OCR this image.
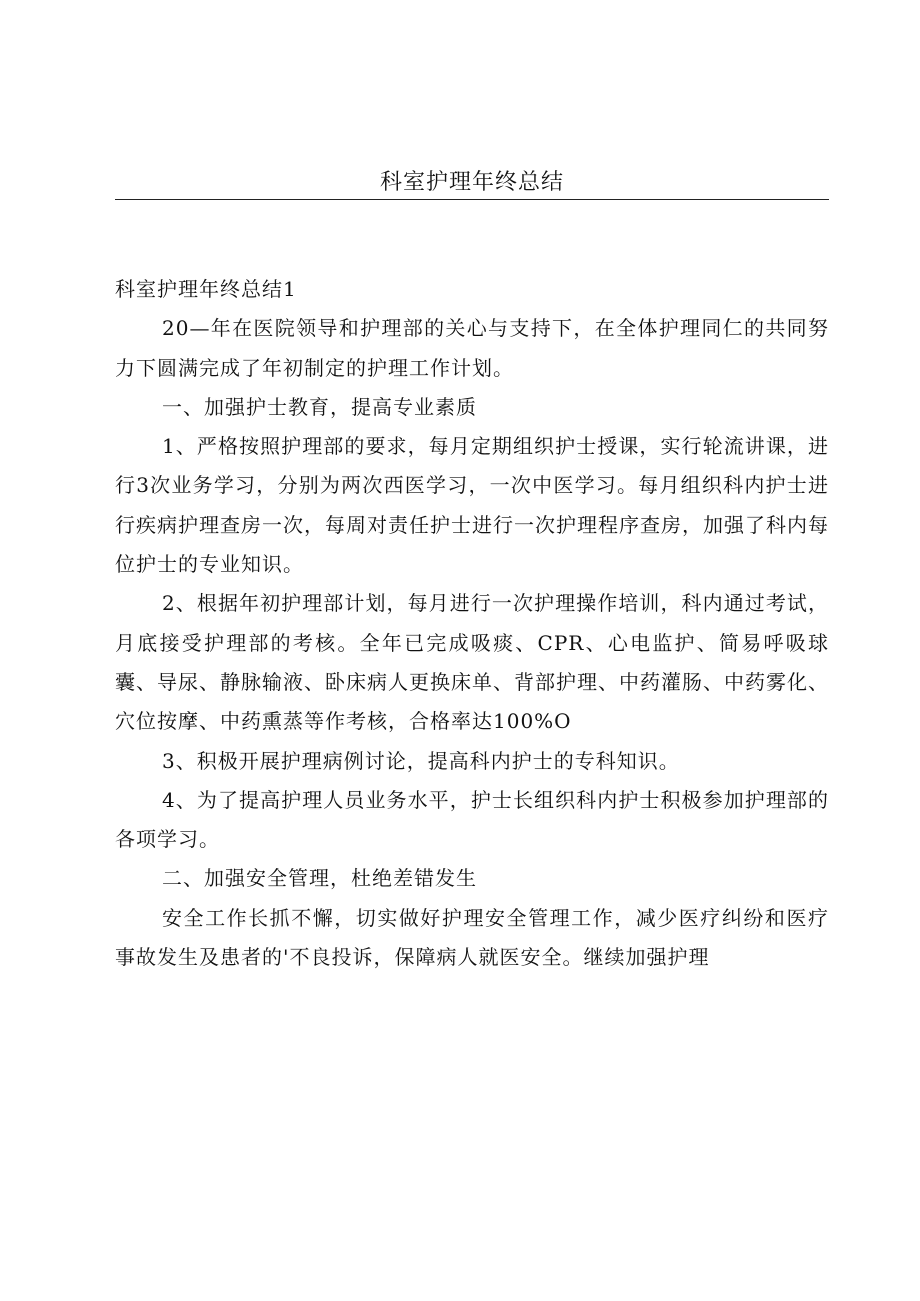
科室护理年终总结

科室护理年终总结1

20—年在医院领导和护理部的关心与支持下，在全体护理同仁的共同努力下圆满完成了年初制定的护理工作计划。

一、加强护士教育，提高专业素质

1、严格按照护理部的要求，每月定期组织护士授课，实行轮流讲课，进行3次业务学习，分别为两次西医学习，一次中医学习。每月组织科内护士进行疾病护理查房一次，每周对责任护士进行一次护理程序查房，加强了科内每位护士的专业知识。

2、根据年初护理部计划，每月进行一次护理操作培训，科内通过考试，月底接受护理部的考核。全年已完成吸痰、CPR、心电监护、简易呼吸球囊、导尿、静脉输液、卧床病人更换床单、背部护理、中药灌肠、中药雾化、穴位按摩、中药熏蒸等作考核，合格率达100%O

3、积极开展护理病例讨论，提高科内护士的专科知识。

4、为了提高护理人员业务水平，护士长组织科内护士积极参加护理部的各项学习。

二、加强安全管理，杜绝差错发生

安全工作长抓不懈，切实做好护理安全管理工作，减少医疗纠纷和医疗事故发生及患者的'不良投诉，保障病人就医安全。继续加强护理
